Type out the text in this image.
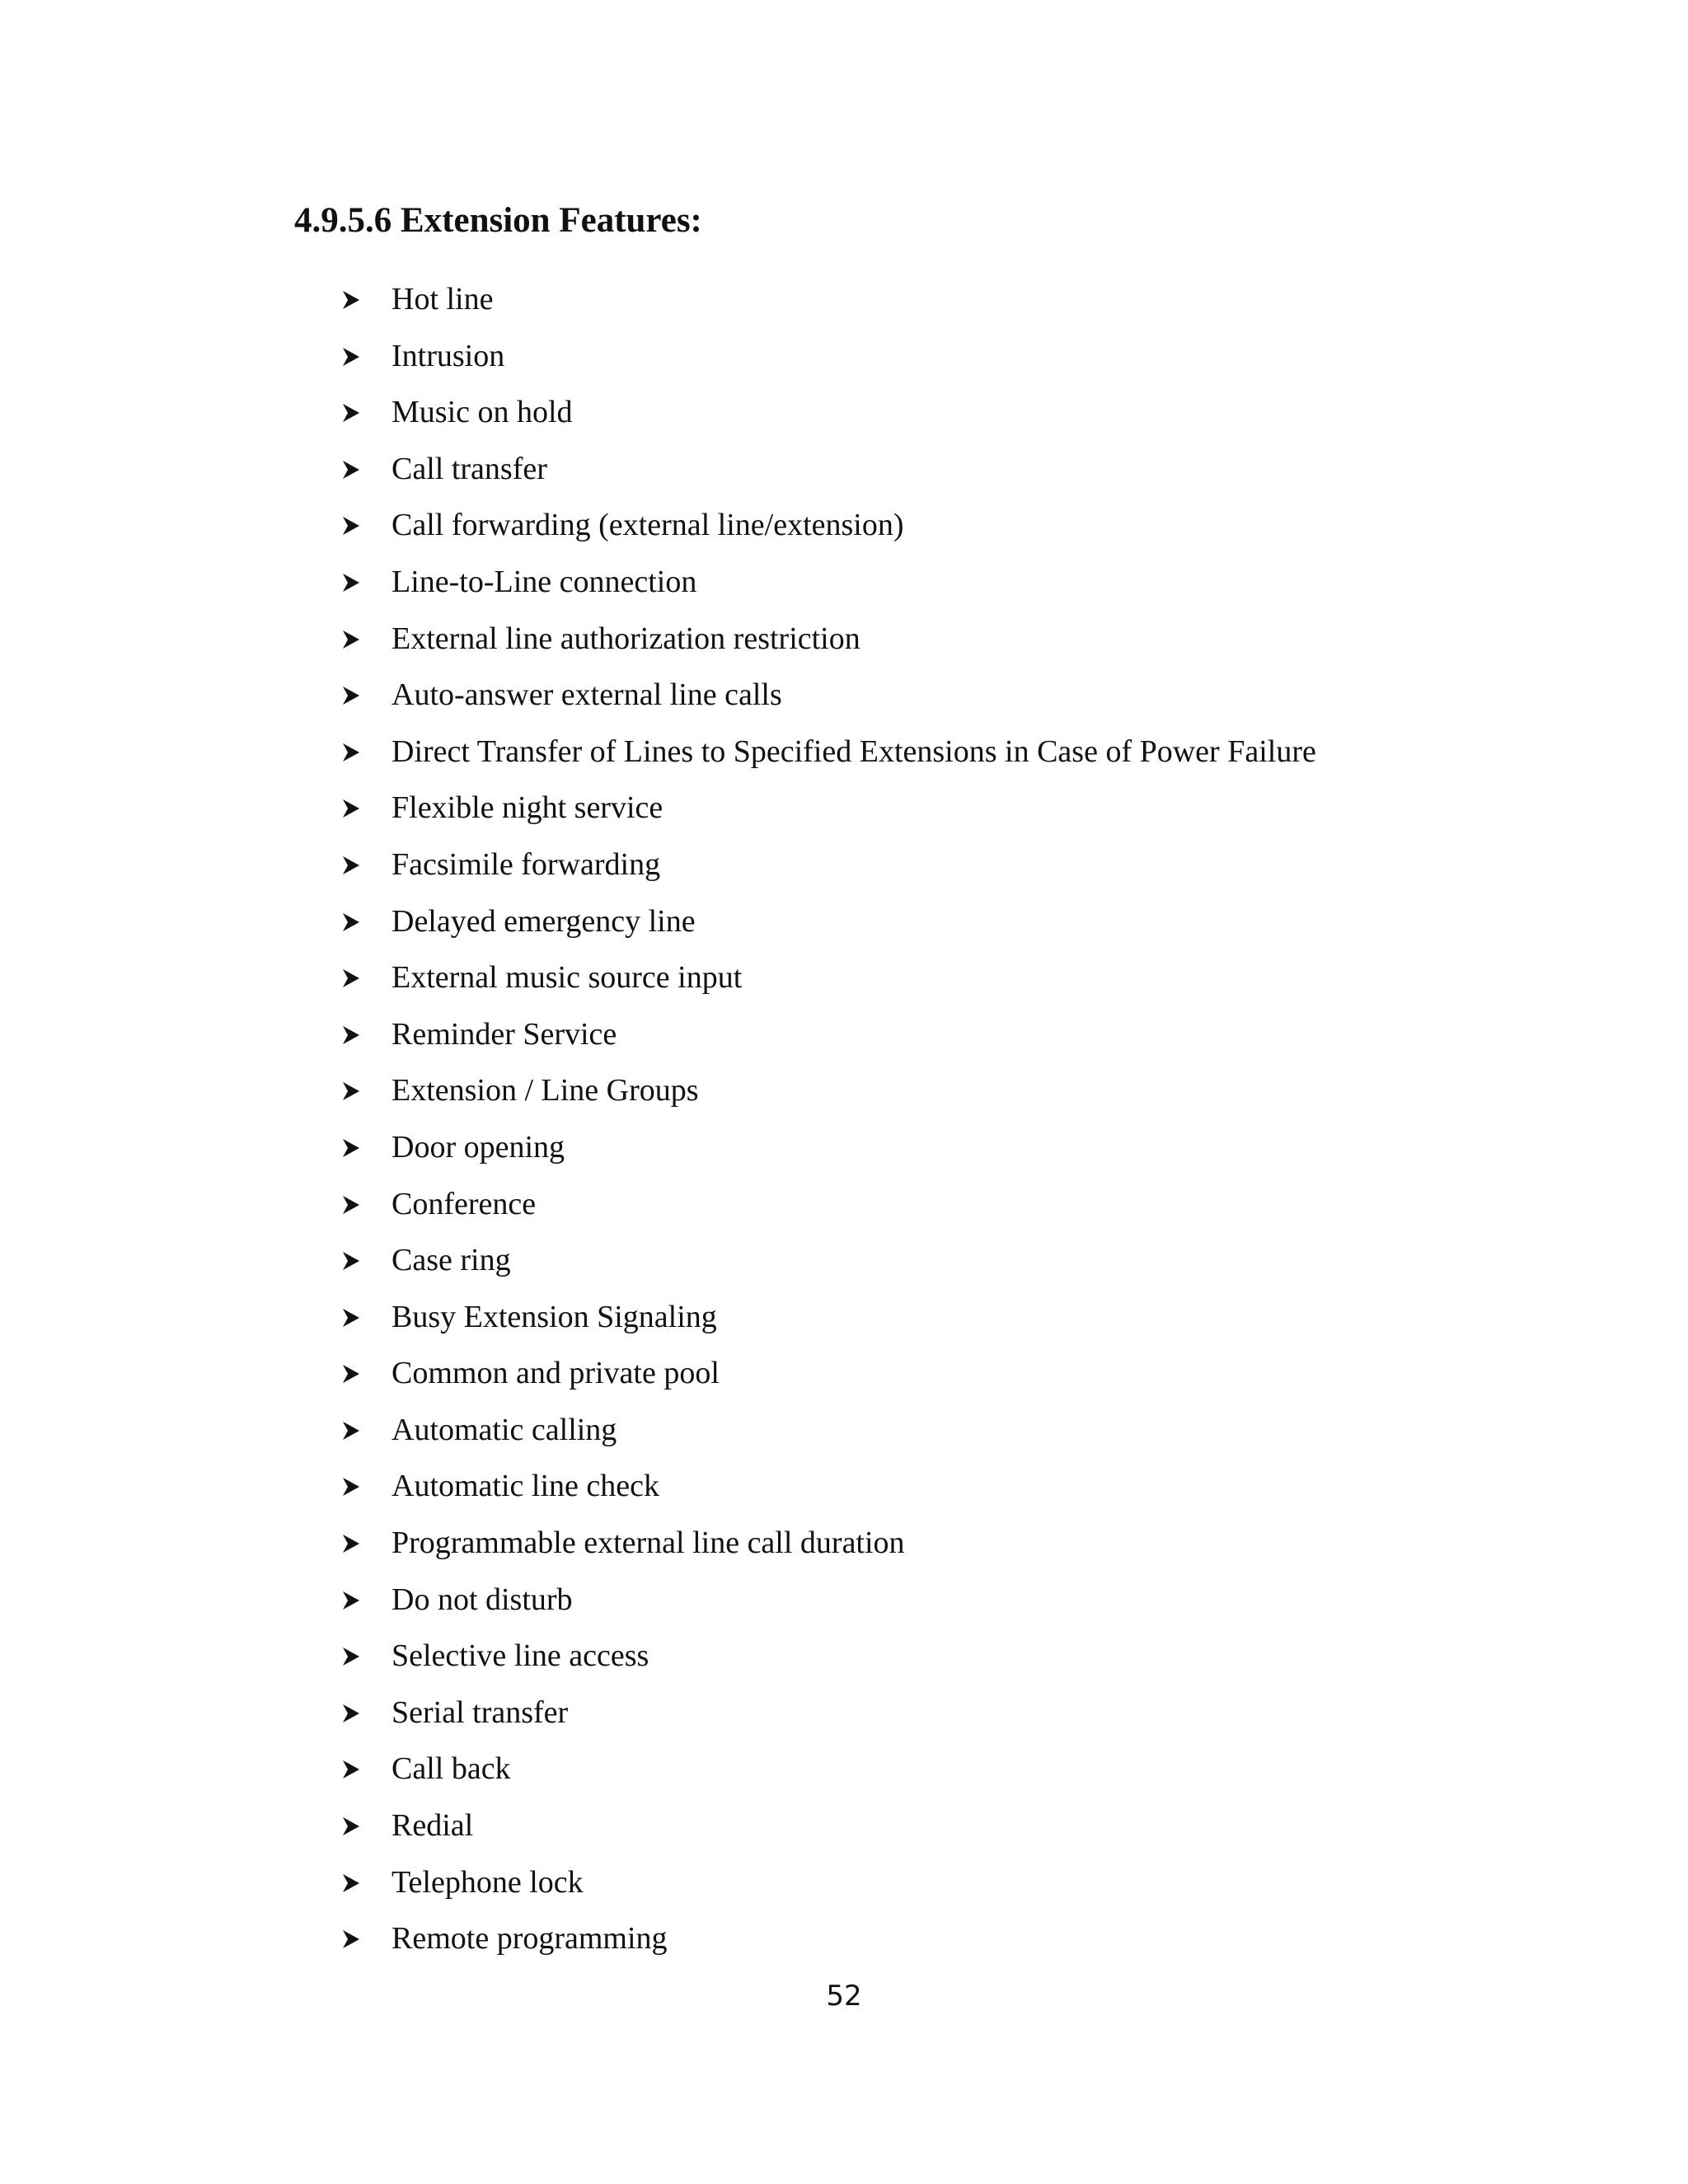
4.9.5.6 Extension Features:
Hot line
Intrusion
Music on hold
Call transfer
Call forwarding (external line/extension)
Line-to-Line connection
External line authorization restriction
Auto-answer external line calls
Direct Transfer of Lines to Specified Extensions in Case of Power Failure
Flexible night service
Facsimile forwarding
Delayed emergency line
External music source input
Reminder Service
Extension / Line Groups
Door opening
Conference
Case ring
Busy Extension Signaling
Common and private pool
Automatic calling
Automatic line check
Programmable external line call duration
Do not disturb
Selective line access
Serial transfer
Call back
Redial
Telephone lock
Remote programming
52
